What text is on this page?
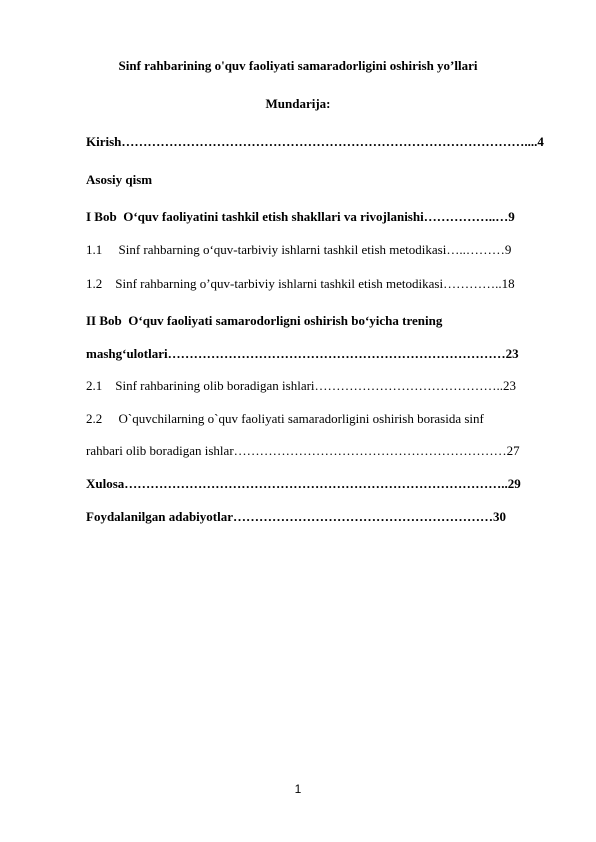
Sinf rahbarining o'quv faoliyati samaradorligini oshirish yo’llari
Mundarija:
Kirish…………………………………………………………………………………....4
Asosiy qism
I Bob  O‘quv faoliyatini tashkil etish shakllari va rivojlanishi……………..…9
1.1     Sinf rahbarning o‘quv-tarbiviy ishlarni tashkil etish metodikasi…..………9
1.2    Sinf rahbarning o’quv-tarbiviy ishlarni tashkil etish metodikasi…………..18
II Bob  O‘quv faoliyati samarodorligni oshirish bo‘yicha trening
mashg‘ulotlari……………………………………………………………………23
2.1    Sinf rahbarining olib boradigan ishlari……………………………………..23
2.2     O`quvchilarning o`quv faoliyati samaradorligini oshirish borasida sinf
rahbari olib boradigan ishlar………………………………………………………27
Xulosa……………………………………………………………………………..29
Foydalanilgan adabiyotlar……………………………………………………30
1
